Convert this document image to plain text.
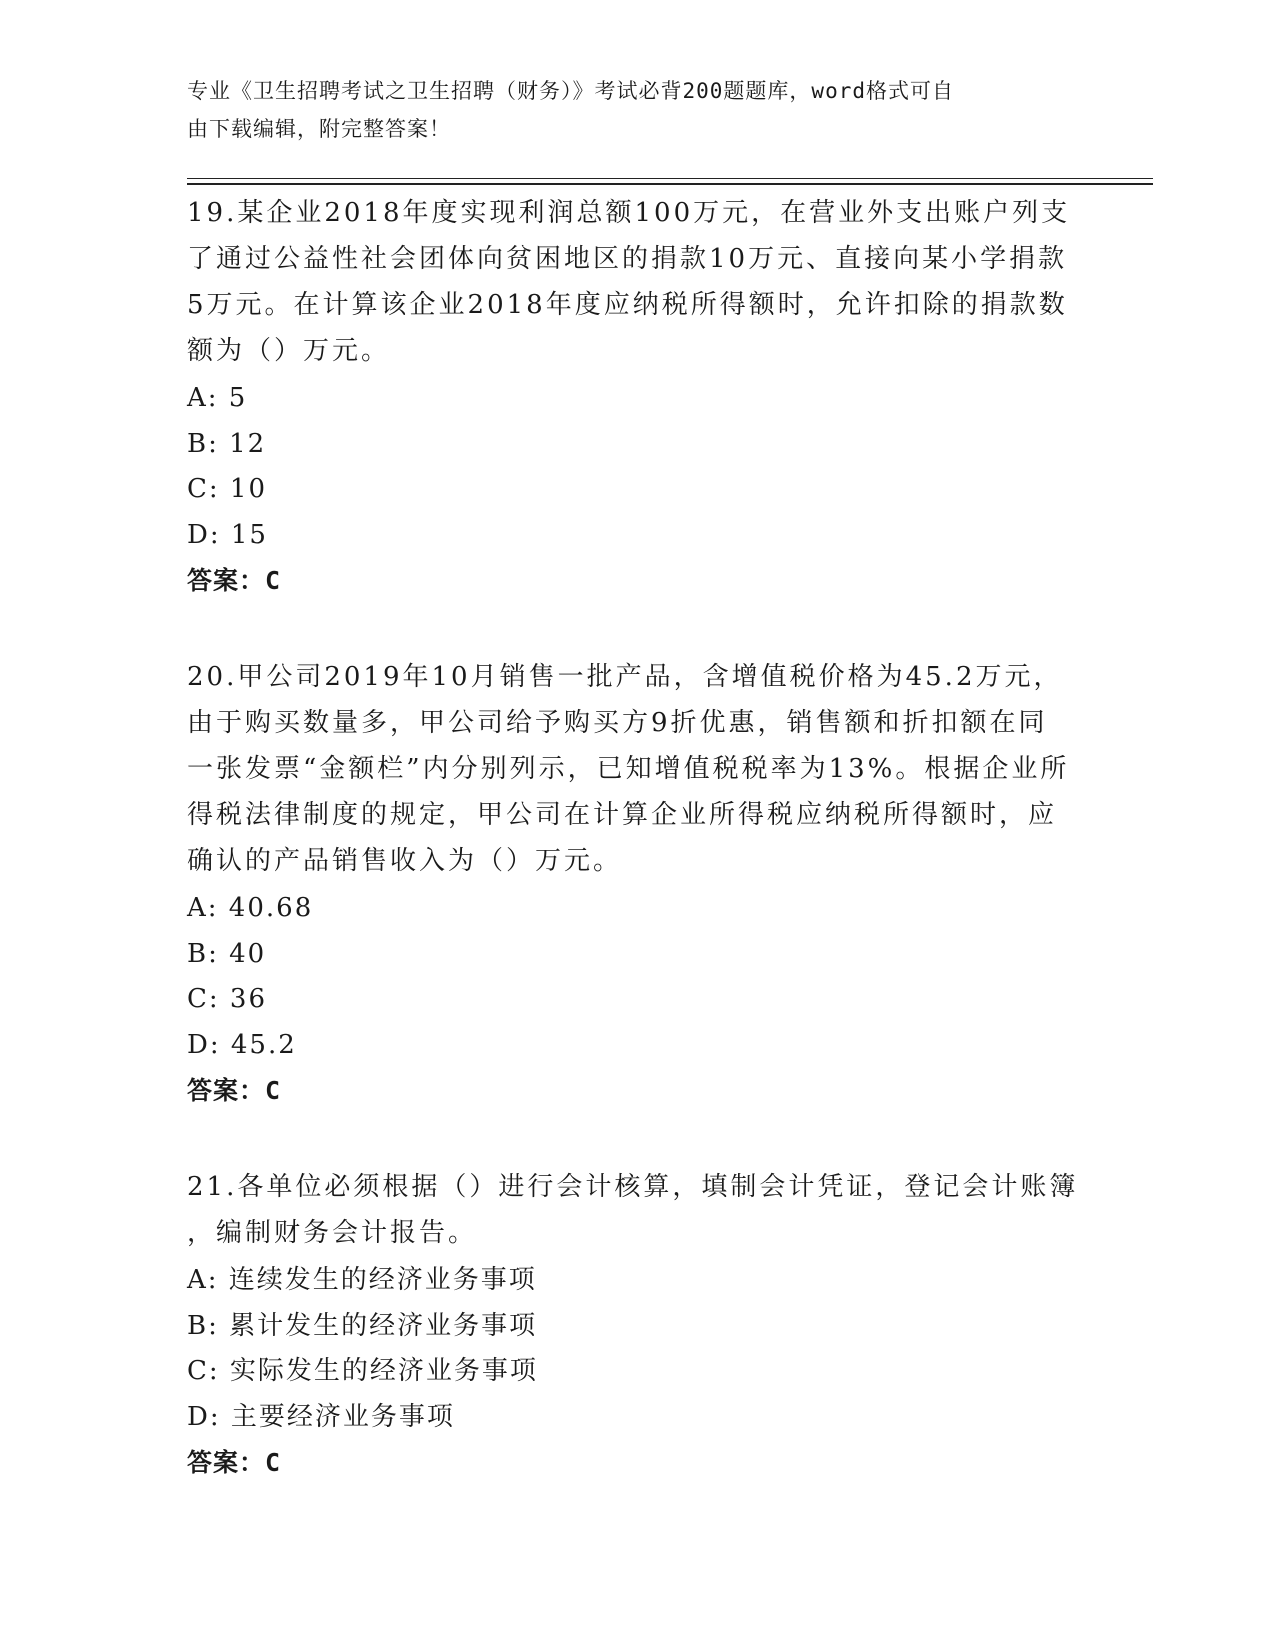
专业《卫生招聘考试之卫生招聘（财务）》考试必背200题题库，word格式可自
由下载编辑，附完整答案！
19.某企业2018年度实现利润总额100万元，在营业外支出账户列支
了通过公益性社会团体向贫困地区的捐款10万元、直接向某小学捐款
5万元。在计算该企业2018年度应纳税所得额时，允许扣除的捐款数
额为（）万元。
A: 5
B: 12
C: 10
D: 15
答案：C
20.甲公司2019年10月销售一批产品，含增值税价格为45.2万元，
由于购买数量多，甲公司给予购买方9折优惠，销售额和折扣额在同
一张发票“金额栏”内分别列示，已知增值税税率为13%。根据企业所
得税法律制度的规定，甲公司在计算企业所得税应纳税所得额时，应
确认的产品销售收入为（）万元。
A: 40.68
B: 40
C: 36
D: 45.2
答案：C
21.各单位必须根据（）进行会计核算，填制会计凭证，登记会计账簿
，编制财务会计报告。
A: 连续发生的经济业务事项
B: 累计发生的经济业务事项
C: 实际发生的经济业务事项
D: 主要经济业务事项
答案：C
